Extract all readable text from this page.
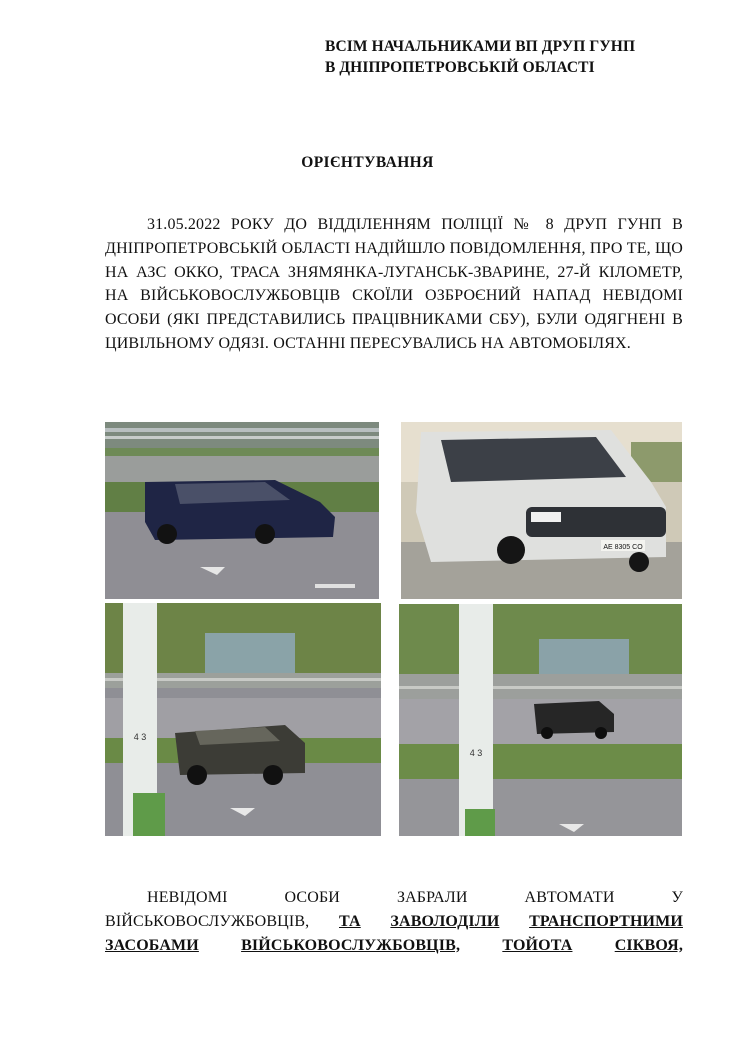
ВСІМ НАЧАЛЬНИКАМИ ВП ДРУП ГУНП
В ДНІПРОПЕТРОВСЬКІЙ ОБЛАСТІ
ОРІЄНТУВАННЯ
31.05.2022 РОКУ ДО ВІДДІЛЕННЯМ ПОЛІЦІЇ № 8 ДРУП ГУНП В ДНІПРОПЕТРОВСЬКІЙ ОБЛАСТІ НАДІЙШЛО ПОВІДОМЛЕННЯ, ПРО ТЕ, ЩО НА АЗС ОККО, ТРАСА ЗНЯМЯНКА-ЛУГАНСЬК-ЗВАРИНЕ, 27-Й КІЛОМЕТР, НА ВІЙСЬКОВОСЛУЖБОВЦІВ СКОЇЛИ ОЗБРОЄНИЙ НАПАД НЕВІДОМІ ОСОБИ (ЯКІ ПРЕДСТАВИЛИСЬ ПРАЦІВНИКАМИ СБУ), БУЛИ ОДЯГНЕНІ В ЦИВІЛЬНОМУ ОДЯЗІ. ОСТАННІ ПЕРЕСУВАЛИСЬ НА АВТОМОБІЛЯХ.
AE 8305 CO
4 3
4 3
НЕВІДОМІ	ОСОБИ	ЗАБРАЛИ	АВТОМАТИ	У
ВІЙСЬКОВОСЛУЖБОВЦІВ, ТА ЗАВОЛОДІЛИ ТРАНСПОРТНИМИ
ЗАСОБАМИ	ВІЙСЬКОВОСЛУЖБОВЦІВ,	ТОЙОТА	СІКВОЯ,
